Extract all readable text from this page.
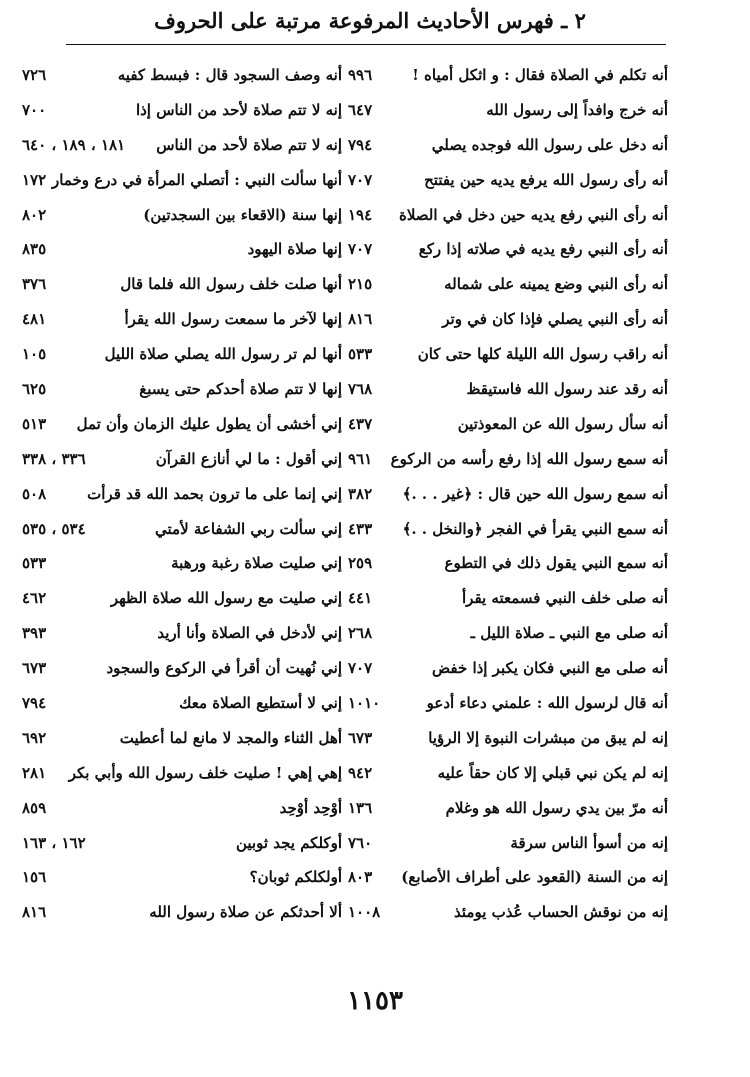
٢ ـ فهرس الأحاديث المرفوعة مرتبة على الحروف
أنه تكلم في الصلاة فقال : و اثكل أمياه !
٩٩٦
أنه خرج وافداً إلى رسول الله
٦٤٧
أنه دخل على رسول الله فوجده يصلي
٧٩٤
أنه رأى رسول الله يرفع يديه حين يفتتح
٧٠٧
أنه رأى النبي رفع يديه حين دخل في الصلاة
١٩٤
أنه رأى النبي رفع يديه في صلاته إذا ركع
٧٠٧
أنه رأى النبي وضع يمينه على شماله
٢١٥
أنه رأى النبي يصلي فإذا كان في وتر
٨١٦
أنه راقب رسول الله الليلة كلها حتى كان
٥٣٣
أنه رقد عند رسول الله فاستيقظ
٧٦٨
أنه سأل رسول الله عن المعوذتين
٤٣٧
أنه سمع رسول الله إذا رفع رأسه من الركوع
٩٦١
أنه سمع رسول الله حين قال : ﴿غير . . .﴾
٣٨٢
أنه سمع النبي يقرأ في الفجر ﴿والنخل . .﴾
٤٣٣
أنه سمع النبي يقول ذلك في التطوع
٢٥٩
أنه صلى خلف النبي فسمعته يقرأ
٤٤١
أنه صلى مع النبي ـ صلاة الليل ـ
٢٦٨
أنه صلى مع النبي فكان يكبر إذا خفض
٧٠٧
أنه قال لرسول الله : علمني دعاء أدعو
١٠١٠
إنه لم يبق من مبشرات النبوة إلا الرؤيا
٦٧٣
إنه لم يكن نبي قبلي إلا كان حقاً عليه
٩٤٢
أنه مرّ بين يدي رسول الله هو وغلام
١٣٦
إنه من أسوأ الناس سرقة
٧٦٠
إنه من السنة (القعود على أطراف الأصابع)
٨٠٣
إنه من نوقش الحساب عُذب يومئذ
١٠٠٨
أنه وصف السجود قال : فبسط كفيه
٧٢٦
إنه لا تتم صلاة لأحد من الناس إذا
٧٠٠
إنه لا تتم صلاة لأحد من الناس
١٨١ ، ١٨٩ ، ٦٤٠
أنها سألت النبي : أتصلي المرأة في درع وخمار
١٧٢
إنها سنة (الاقعاء بين السجدتين)
٨٠٢
إنها صلاة اليهود
٨٣٥
أنها صلت خلف رسول الله فلما قال
٣٧٦
إنها لآخر ما سمعت رسول الله يقرأ
٤٨١
أنها لم تر رسول الله يصلي صلاة الليل
١٠٥
إنها لا تتم صلاة أحدكم حتى يسبغ
٦٢٥
إني أخشى أن يطول عليك الزمان وأن تمل
٥١٣
إني أقول : ما لي أنازع القرآن
٣٣٦ ، ٣٣٨
إني إنما على ما ترون بحمد الله قد قرأت
٥٠٨
إني سألت ربي الشفاعة لأمتي
٥٣٤ ، ٥٣٥
إني صليت صلاة رغبة ورهبة
٥٣٣
إني صليت مع رسول الله صلاة الظهر
٤٦٢
إني لأدخل في الصلاة وأنا أريد
٣٩٣
إني نُهيت أن أقرأ في الركوع والسجود
٦٧٣
إني لا أستطيع الصلاة معك
٧٩٤
أهل الثناء والمجد لا مانع لما أعطيت
٦٩٢
إهي إهي ! صليت خلف رسول الله وأبي بكر
٢٨١
أوْحِد أوْحِد
٨٥٩
أوكلكم يجد ثوبين
١٦٢ ، ١٦٣
أولكلكم ثوبان؟
١٥٦
ألا أحدثكم عن صلاة رسول الله
٨١٦
١١٥٣
